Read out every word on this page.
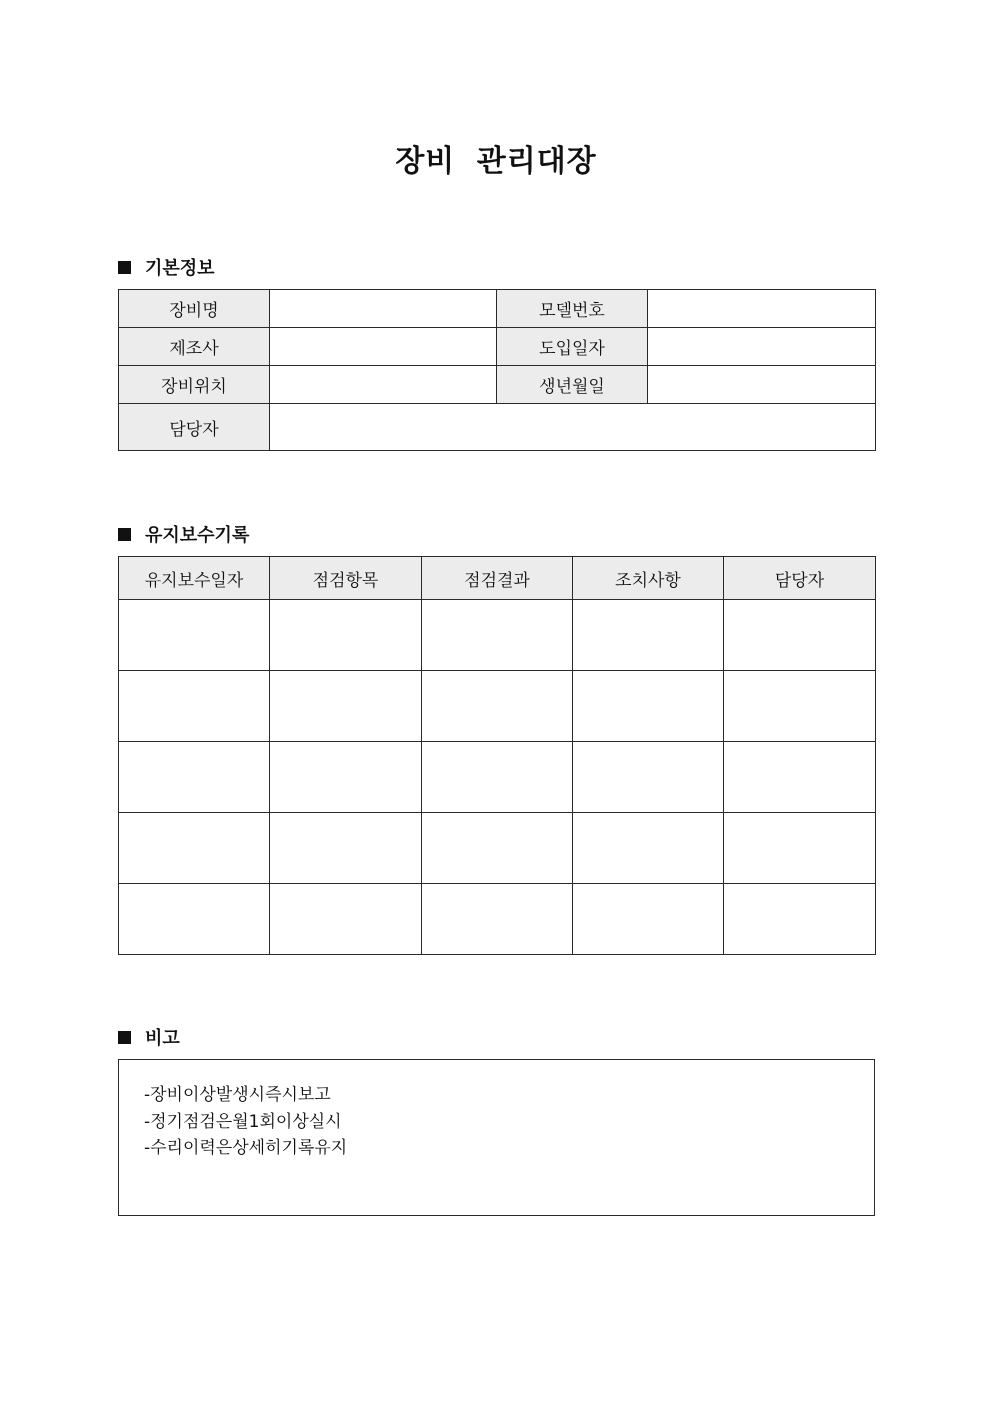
장비 관리대장
기본정보
장비명		모델번호	
제조사		도입일자	
장비위치		생년월일	
담당자			
유지보수기록
유지보수일자	점검항목	점검결과	조치사항	담당자

비고
-장비이상발생시즉시보고
-정기점검은월1회이상실시
-수리이력은상세히기록유지
